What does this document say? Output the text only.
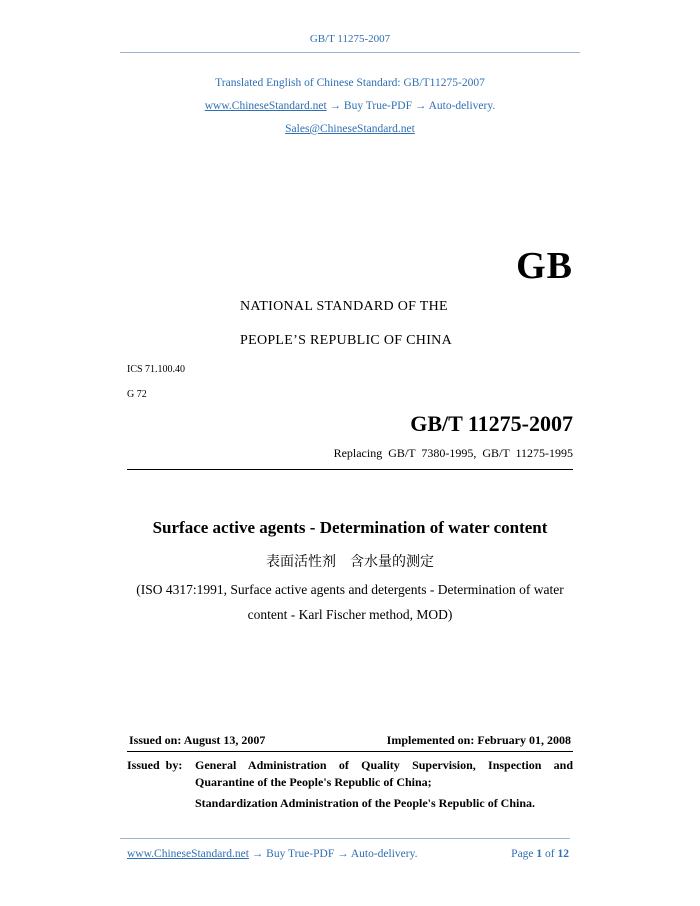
GB/T 11275-2007
Translated English of Chinese Standard: GB/T11275-2007
www.ChineseStandard.net → Buy True-PDF → Auto-delivery.
Sales@ChineseStandard.net
GB
NATIONAL STANDARD OF THE
PEOPLE’S REPUBLIC OF CHINA
ICS 71.100.40
G 72
GB/T 11275-2007
Replacing  GB/T  7380-1995,  GB/T  11275-1995
Surface active agents - Determination of water content
表面活性剂　含水量的测定
(ISO 4317:1991, Surface active agents and detergents - Determination of water
content - Karl Fischer method, MOD)
Issued on: August 13, 2007	Implemented on: February 01, 2008
Issued  by: General  Administration  of  Quality  Supervision,  Inspection  and
Quarantine of the People's Republic of China;
Standardization Administration of the People's Republic of China.
www.ChineseStandard.net → Buy True-PDF → Auto-delivery.	Page 1 of 12
